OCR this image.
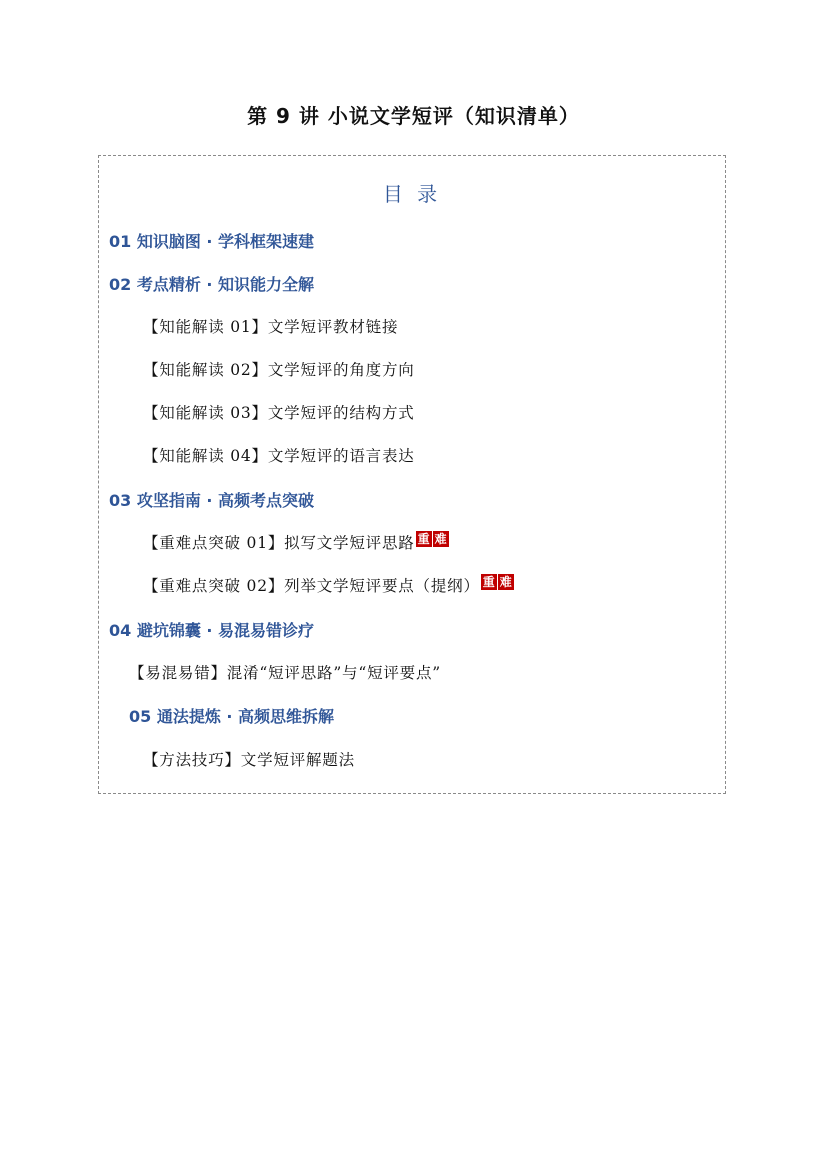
第 9 讲 小说文学短评（知识清单）
目 录
01 知识脑图 · 学科框架速建
02 考点精析 · 知识能力全解
【知能解读 01】文学短评教材链接
【知能解读 02】文学短评的角度方向
【知能解读 03】文学短评的结构方式
【知能解读 04】文学短评的语言表达
03 攻坚指南 · 高频考点突破
【重难点突破 01】拟写文学短评思路 重 难
【重难点突破 02】列举文学短评要点（提纲） 重 难
04 避坑锦囊 · 易混易错诊疗
【易混易错】混淆“短评思路”与“短评要点”
05 通法提炼 · 高频思维拆解
【方法技巧】文学短评解题法
